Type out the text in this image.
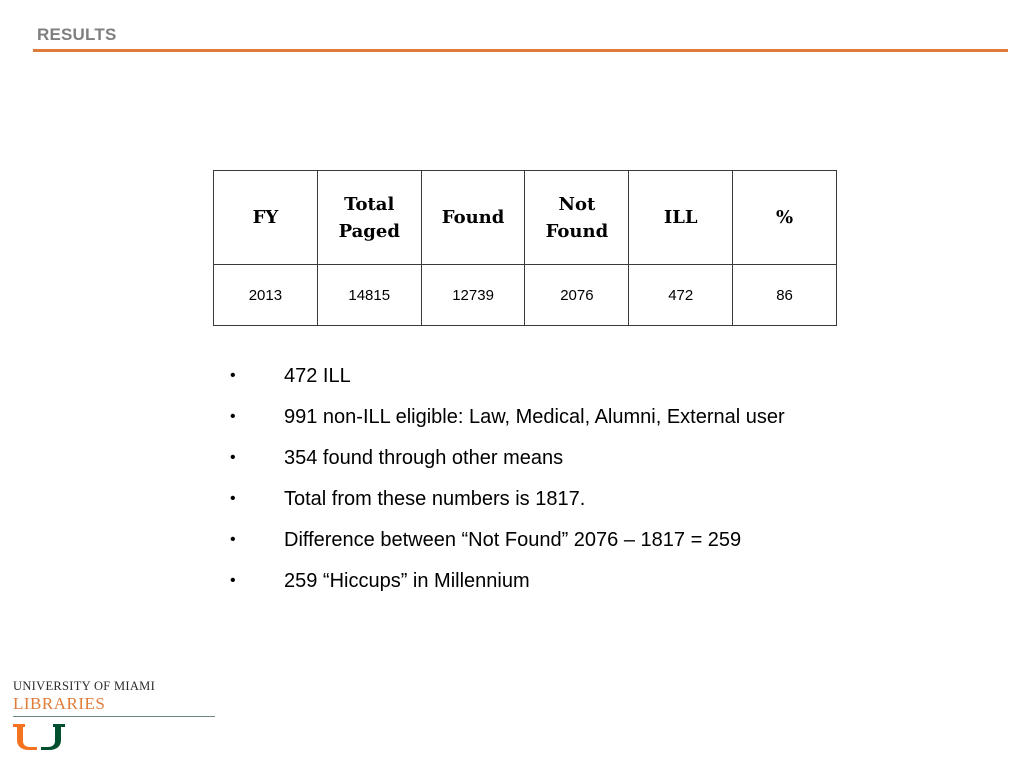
RESULTS
FY	Total Paged	Found	Not Found	ILL	%
2013	14815	12739	2076	472	86
• 472 ILL
• 991 non-ILL eligible: Law, Medical, Alumni, External user
• 354 found through other means
• Total from these numbers is 1817.
• Difference between “Not Found” 2076 – 1817 = 259
• 259 “Hiccups” in Millennium
UNIVERSITY OF MIAMI
LIBRARIES
